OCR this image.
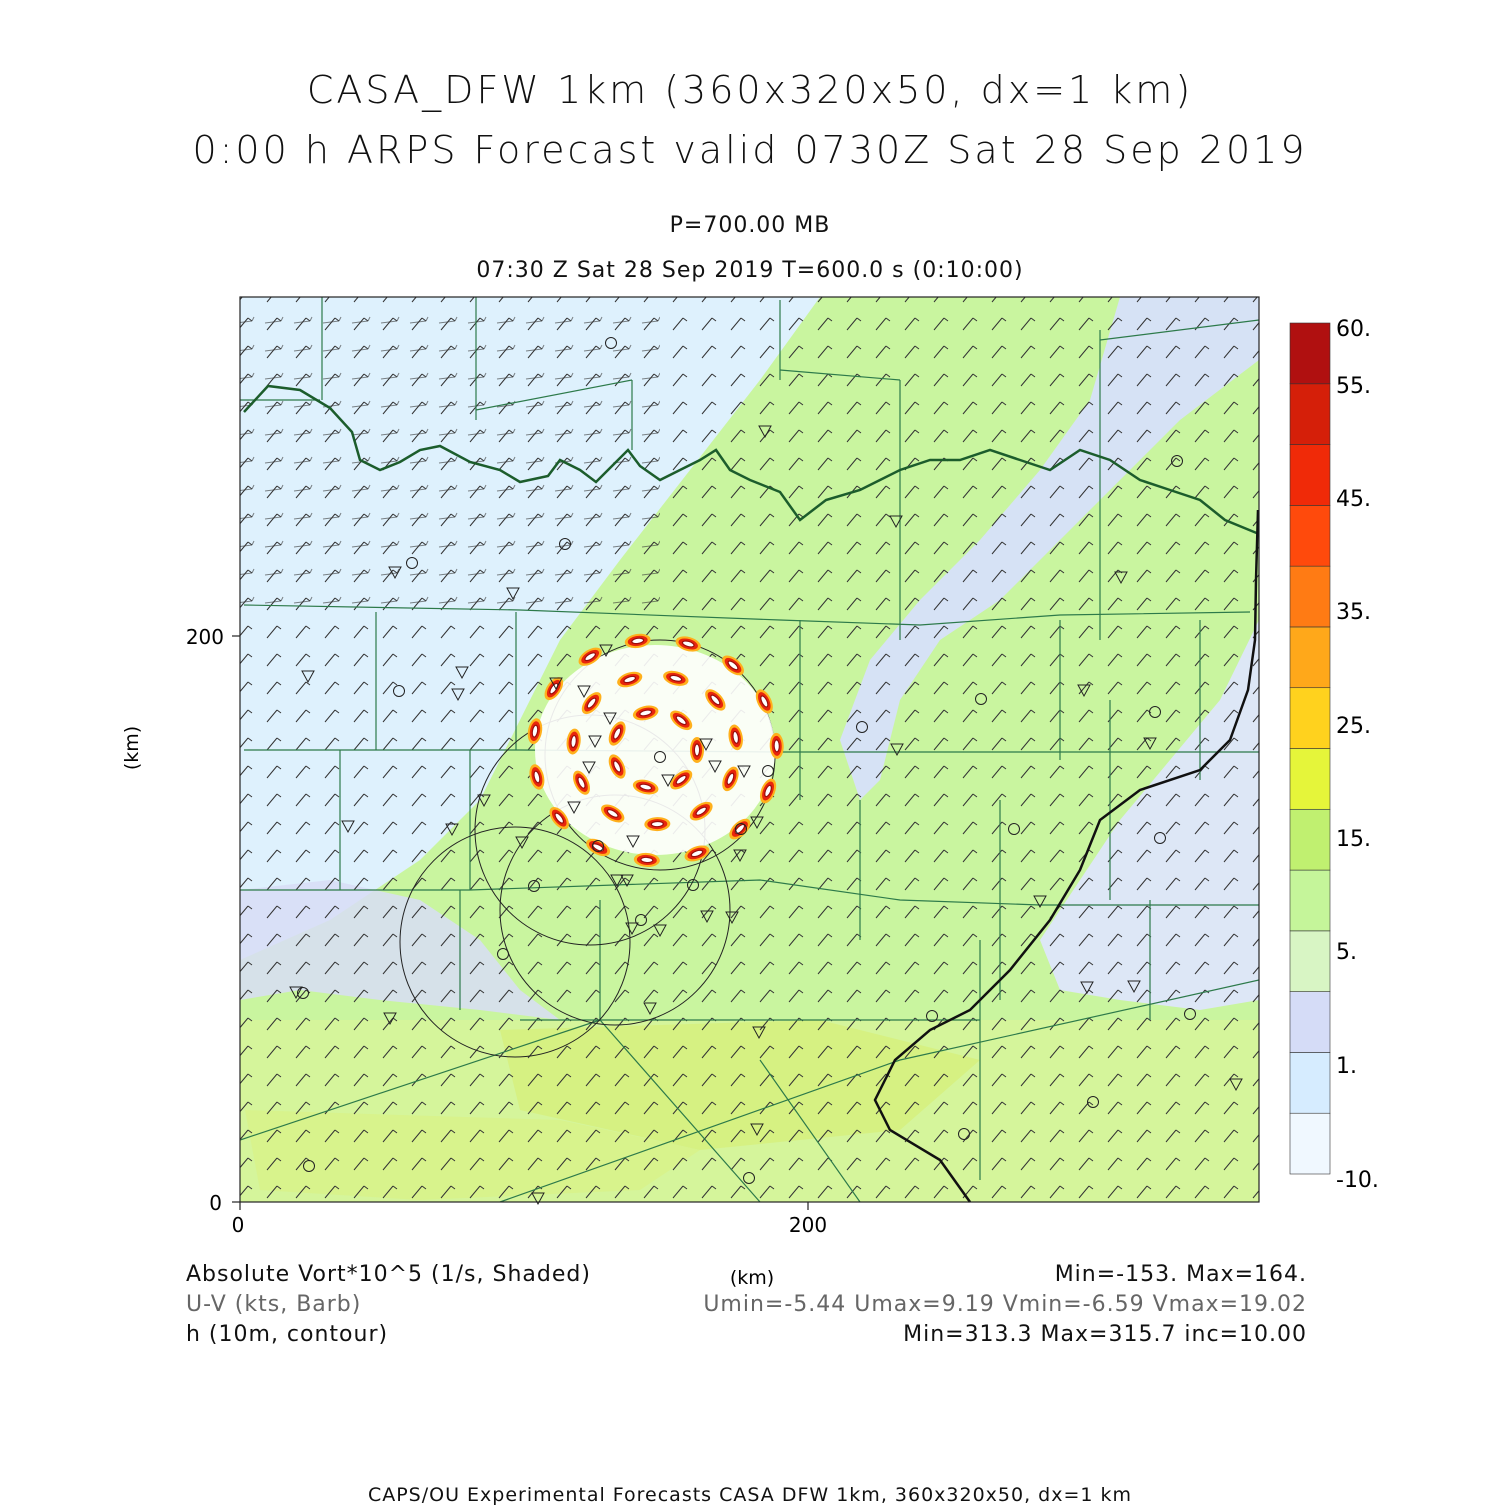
CASA_DFW 1km (360x320x50, dx=1 km)
0:00 h ARPS Forecast valid 0730Z Sat 28 Sep 2019
P=700.00 MB
07:30 Z Sat 28 Sep 2019 T=600.0 s (0:10:00)
0	200
0
200
(km)
(km)
60.
55.
45.
35.
25.
15.
5.
1.
-10.
Absolute Vort*10^5 (1/s, Shaded)
U-V (kts, Barb)
h (10m, contour)
Min=-153. Max=164.
Umin=-5.44 Umax=9.19 Vmin=-6.59 Vmax=19.02
Min=313.3 Max=315.7 inc=10.00
CAPS/OU Experimental Forecasts CASA DFW 1km, 360x320x50, dx=1 km
